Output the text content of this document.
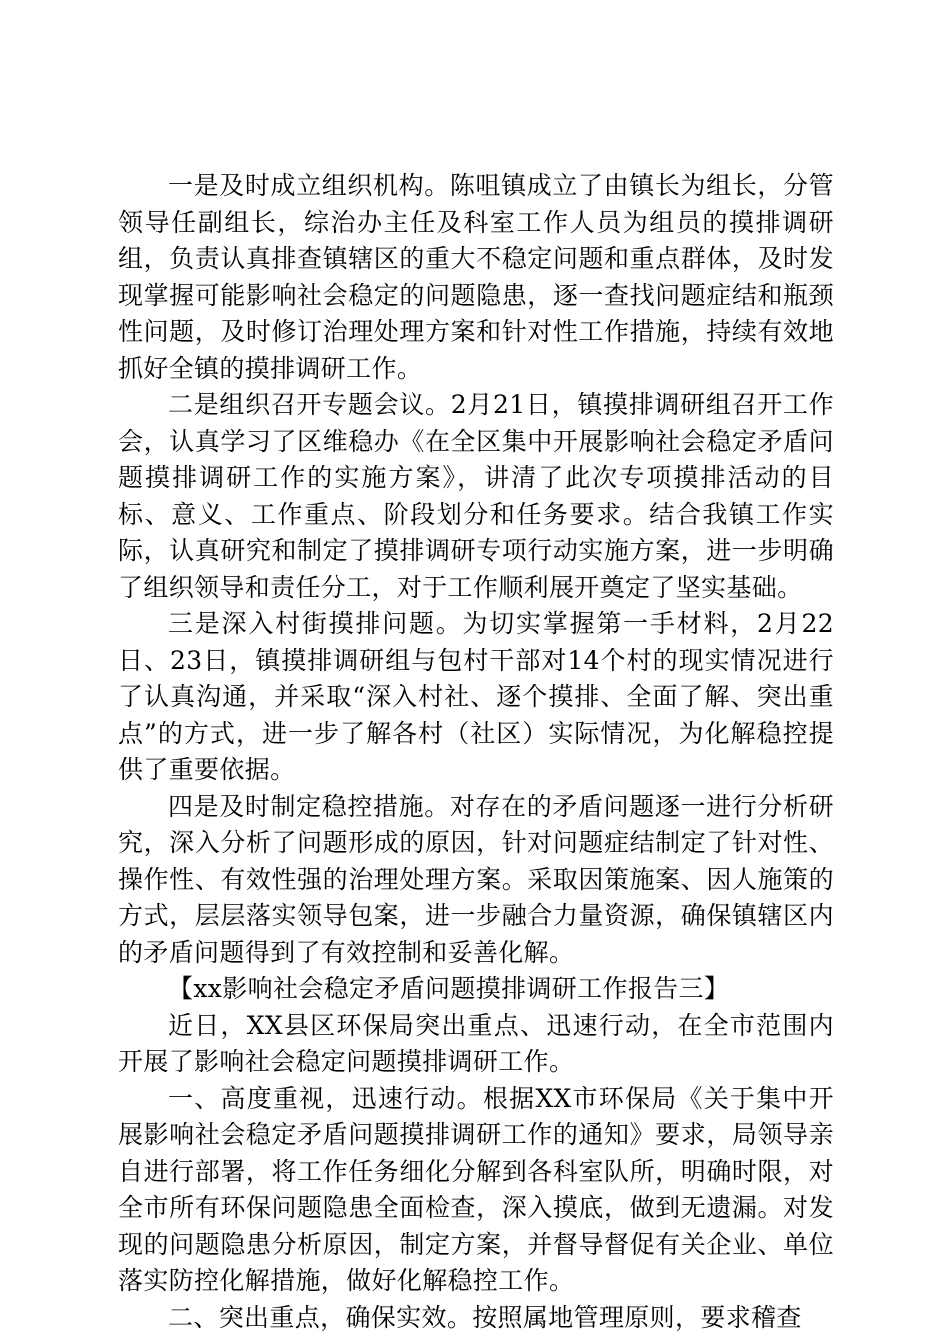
一是及时成立组织机构。陈咀镇成立了由镇长为组长，分管领导任副组长，综治办主任及科室工作人员为组员的摸排调研组，负责认真排查镇辖区的重大不稳定问题和重点群体，及时发现掌握可能影响社会稳定的问题隐患，逐一查找问题症结和瓶颈性问题，及时修订治理处理方案和针对性工作措施，持续有效地抓好全镇的摸排调研工作。

二是组织召开专题会议。2月21日，镇摸排调研组召开工作会，认真学习了区维稳办《在全区集中开展影响社会稳定矛盾问题摸排调研工作的实施方案》，讲清了此次专项摸排活动的目标、意义、工作重点、阶段划分和任务要求。结合我镇工作实际，认真研究和制定了摸排调研专项行动实施方案，进一步明确了组织领导和责任分工，对于工作顺利展开奠定了坚实基础。

三是深入村街摸排问题。为切实掌握第一手材料，2月22日、23日，镇摸排调研组与包村干部对14个村的现实情况进行了认真沟通，并采取“深入村社、逐个摸排、全面了解、突出重点”的方式，进一步了解各村（社区）实际情况，为化解稳控提供了重要依据。

四是及时制定稳控措施。对存在的矛盾问题逐一进行分析研究，深入分析了问题形成的原因，针对问题症结制定了针对性、操作性、有效性强的治理处理方案。采取因策施案、因人施策的方式，层层落实领导包案，进一步融合力量资源，确保镇辖区内的矛盾问题得到了有效控制和妥善化解。

【xx影响社会稳定矛盾问题摸排调研工作报告三】

近日，XX县区环保局突出重点、迅速行动，在全市范围内开展了影响社会稳定问题摸排调研工作。

一、高度重视，迅速行动。根据XX市环保局《关于集中开展影响社会稳定矛盾问题摸排调研工作的通知》要求，局领导亲自进行部署，将工作任务细化分解到各科室队所，明确时限，对全市所有环保问题隐患全面检查，深入摸底，做到无遗漏。对发现的问题隐患分析原因，制定方案，并督导督促有关企业、单位落实防控化解措施，做好化解稳控工作。

二、突出重点，确保实效。按照属地管理原则，要求稽查
